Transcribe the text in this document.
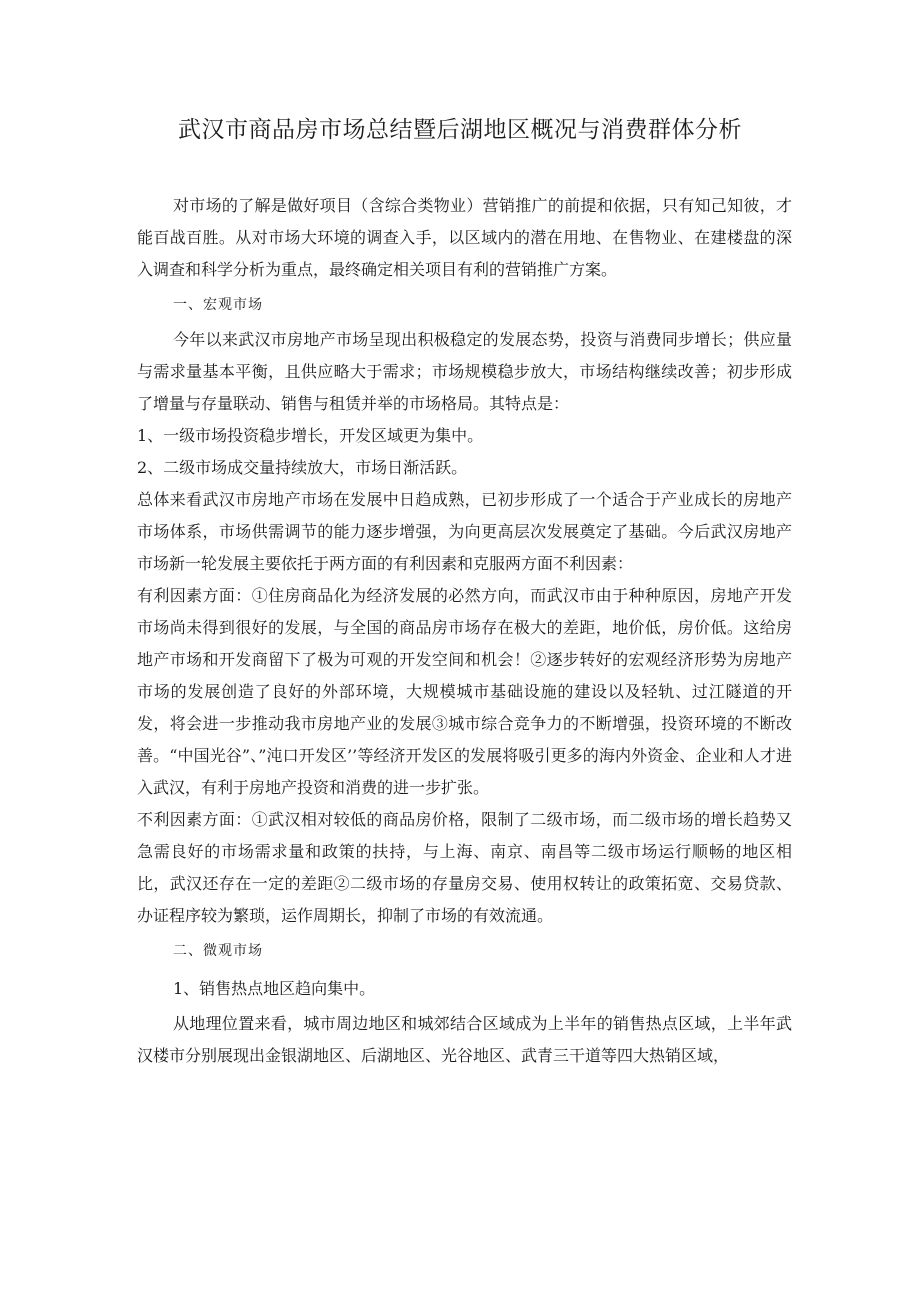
武汉市商品房市场总结暨后湖地区概况与消费群体分析

对市场的了解是做好项目（含综合类物业）营销推广的前提和依据，只有知己知彼，才能百战百胜。从对市场大环境的调查入手，以区域内的潜在用地、在售物业、在建楼盘的深入调查和科学分析为重点，最终确定相关项目有利的营销推广方案。

一、宏观市场

今年以来武汉市房地产市场呈现出积极稳定的发展态势，投资与消费同步增长；供应量与需求量基本平衡，且供应略大于需求；市场规模稳步放大，市场结构继续改善；初步形成了增量与存量联动、销售与租赁并举的市场格局。其特点是：

1、一级市场投资稳步增长，开发区域更为集中。

2、二级市场成交量持续放大，市场日渐活跃。

总体来看武汉市房地产市场在发展中日趋成熟，已初步形成了一个适合于产业成长的房地产市场体系，市场供需调节的能力逐步增强，为向更高层次发展奠定了基础。今后武汉房地产市场新一轮发展主要依托于两方面的有利因素和克服两方面不利因素：

有利因素方面：①住房商品化为经济发展的必然方向，而武汉市由于种种原因，房地产开发市场尚未得到很好的发展，与全国的商品房市场存在极大的差距，地价低，房价低。这给房地产市场和开发商留下了极为可观的开发空间和机会！②逐步转好的宏观经济形势为房地产市场的发展创造了良好的外部环境，大规模城市基础设施的建设以及轻轨、过江隧道的开发，将会进一步推动我市房地产业的发展③城市综合竞争力的不断增强，投资环境的不断改善。“中国光谷”、”沌口开发区’’等经济开发区的发展将吸引更多的海内外资金、企业和人才进入武汉，有利于房地产投资和消费的进一步扩张。

不利因素方面：①武汉相对较低的商品房价格，限制了二级市场，而二级市场的增长趋势又急需良好的市场需求量和政策的扶持，与上海、南京、南昌等二级市场运行顺畅的地区相比，武汉还存在一定的差距②二级市场的存量房交易、使用权转让的政策拓宽、交易贷款、办证程序较为繁琐，运作周期长，抑制了市场的有效流通。

二、微观市场

1、销售热点地区趋向集中。

从地理位置来看，城市周边地区和城郊结合区域成为上半年的销售热点区域，上半年武汉楼市分别展现出金银湖地区、后湖地区、光谷地区、武青三干道等四大热销区域，
